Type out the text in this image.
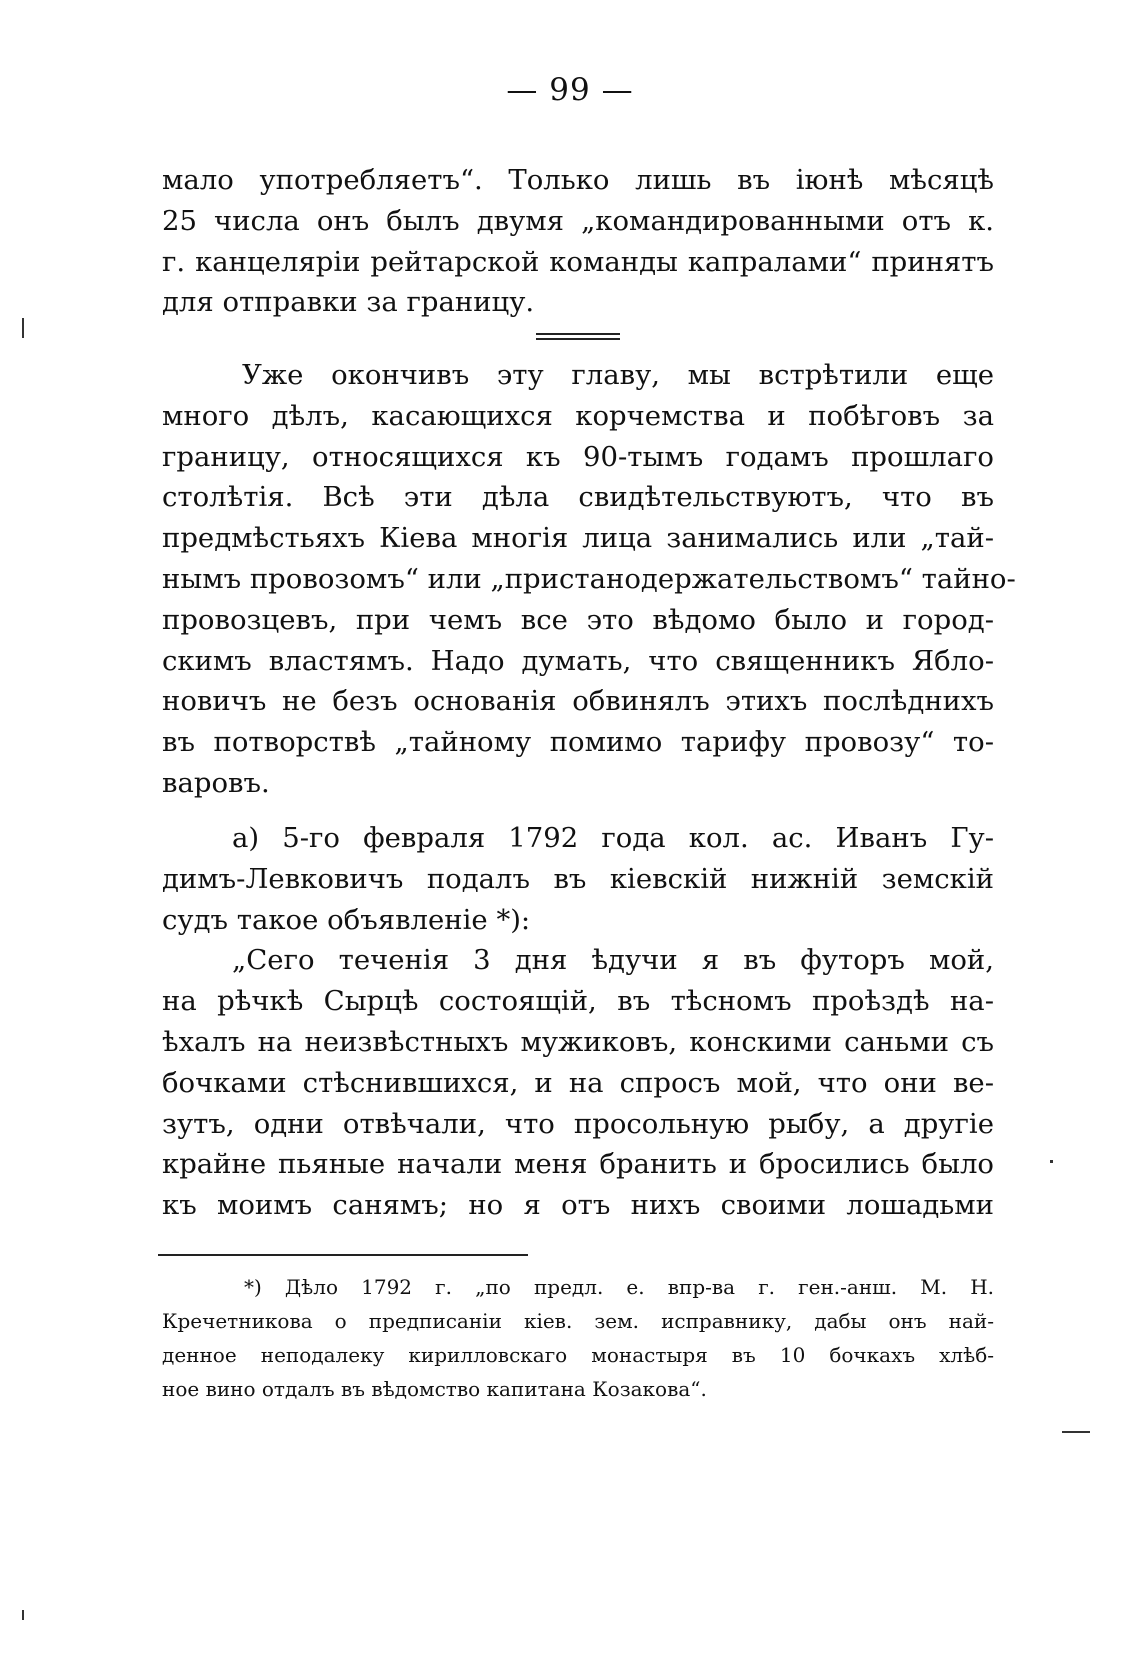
— 99 —
мало употребляетъ“. Только лишь въ іюнѣ мѣсяцѣ
25 числа онъ былъ двумя „командированными отъ к.
г. канцеляріи рейтарской команды капралами“ принятъ
для отправки за границу.
Уже окончивъ эту главу, мы встрѣтили еще
много дѣлъ, касающихся корчемства и побѣговъ за
границу, относящихся къ 90-тымъ годамъ прошлаго
столѣтія. Всѣ эти дѣла свидѣтельствуютъ, что въ
предмѣстьяхъ Кіева многія лица занимались или „тай-
нымъ провозомъ“ или „пристанодержательствомъ“ тайно-
провозцевъ, при чемъ все это вѣдомо было и город-
скимъ властямъ. Надо думать, что священникъ Ябло-
новичъ не безъ основанія обвинялъ этихъ послѣднихъ
въ потворствѣ „тайному помимо тарифу провозу“ то-
варовъ.
а) 5-го февраля 1792 года кол. ас. Иванъ Гу-
димъ-Левковичъ подалъ въ кіевскій нижній земскій
судъ такое объявленіе *):
„Сего теченія 3 дня ѣдучи я въ футоръ мой,
на рѣчкѣ Сырцѣ состоящій, въ тѣсномъ проѣздѣ на-
ѣхалъ на неизвѣстныхъ мужиковъ, конскими саньми съ
бочками стѣснившихся, и на спросъ мой, что они ве-
зутъ, одни отвѣчали, что просольную рыбу, а другіе
крайне пьяные начали меня бранить и бросились было
къ моимъ санямъ; но я отъ нихъ своими лошадьми
*) Дѣло 1792 г. „по предл. е. впр-ва г. ген.-анш. М. Н.
Кречетникова о предписаніи кіев. зем. исправнику, дабы онъ най-
денное неподалеку кирилловскаго монастыря въ 10 бочкахъ хлѣб-
ное вино отдалъ въ вѣдомство капитана Козакова“.
